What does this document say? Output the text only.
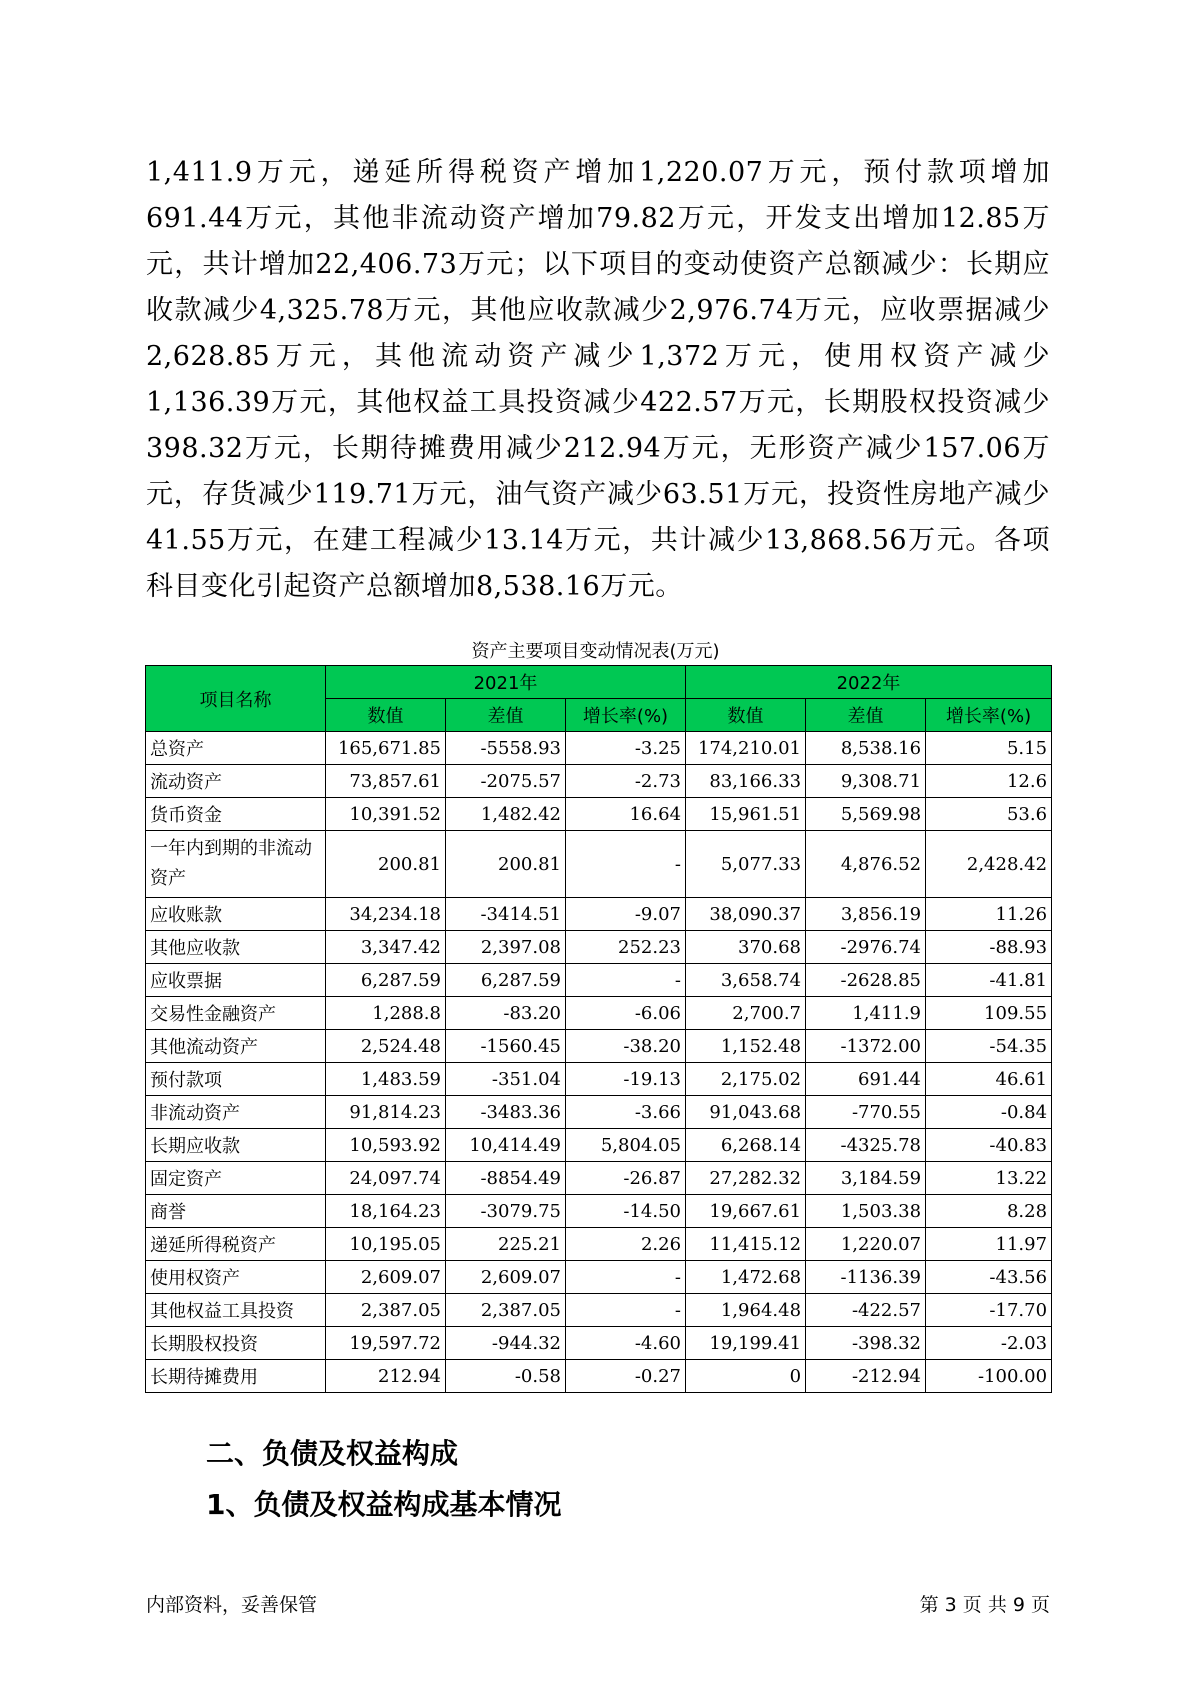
1,411.9万元，递延所得税资产增加1,220.07万元，预付款项增加691.44万元，其他非流动资产增加79.82万元，开发支出增加12.85万元，共计增加22,406.73万元；以下项目的变动使资产总额减少：长期应收款减少4,325.78万元，其他应收款减少2,976.74万元，应收票据减少2,628.85万元，其他流动资产减少1,372万元，使用权资产减少1,136.39万元，其他权益工具投资减少422.57万元，长期股权投资减少398.32万元，长期待摊费用减少212.94万元，无形资产减少157.06万元，存货减少119.71万元，油气资产减少63.51万元，投资性房地产减少41.55万元，在建工程减少13.14万元，共计减少13,868.56万元。各项科目变化引起资产总额增加8,538.16万元。

资产主要项目变动情况表(万元)
项目名称	2021年			2022年		
	数值	差值	增长率(%)	数值	差值	增长率(%)
总资产	165,671.85	-5558.93	-3.25	174,210.01	8,538.16	5.15
流动资产	73,857.61	-2075.57	-2.73	83,166.33	9,308.71	12.6
货币资金	10,391.52	1,482.42	16.64	15,961.51	5,569.98	53.6
一年内到期的非流动资产	200.81	200.81	-	5,077.33	4,876.52	2,428.42
应收账款	34,234.18	-3414.51	-9.07	38,090.37	3,856.19	11.26
其他应收款	3,347.42	2,397.08	252.23	370.68	-2976.74	-88.93
应收票据	6,287.59	6,287.59	-	3,658.74	-2628.85	-41.81
交易性金融资产	1,288.8	-83.20	-6.06	2,700.7	1,411.9	109.55
其他流动资产	2,524.48	-1560.45	-38.20	1,152.48	-1372.00	-54.35
预付款项	1,483.59	-351.04	-19.13	2,175.02	691.44	46.61
非流动资产	91,814.23	-3483.36	-3.66	91,043.68	-770.55	-0.84
长期应收款	10,593.92	10,414.49	5,804.05	6,268.14	-4325.78	-40.83
固定资产	24,097.74	-8854.49	-26.87	27,282.32	3,184.59	13.22
商誉	18,164.23	-3079.75	-14.50	19,667.61	1,503.38	8.28
递延所得税资产	10,195.05	225.21	2.26	11,415.12	1,220.07	11.97
使用权资产	2,609.07	2,609.07	-	1,472.68	-1136.39	-43.56
其他权益工具投资	2,387.05	2,387.05	-	1,964.48	-422.57	-17.70
长期股权投资	19,597.72	-944.32	-4.60	19,199.41	-398.32	-2.03
长期待摊费用	212.94	-0.58	-0.27	0	-212.94	-100.00
二、负债及权益构成
1、负债及权益构成基本情况
内部资料，妥善保管	第 3 页 共 9 页
